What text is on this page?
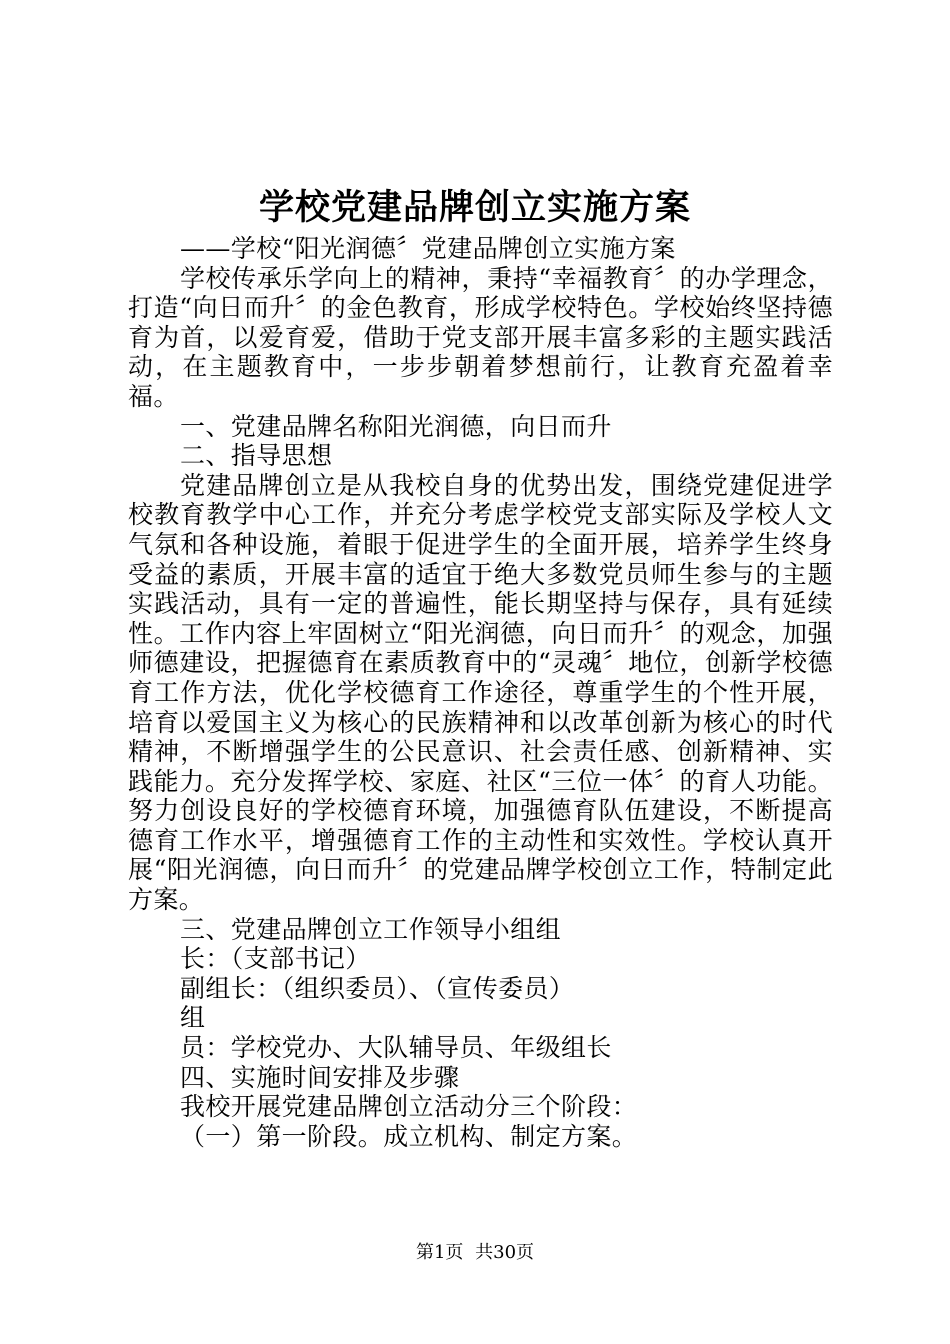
学校党建品牌创立实施方案

——学校“阳光润德〞党建品牌创立实施方案

学校传承乐学向上的精神，秉持“幸福教育〞的办学理念，打造“向日而升〞的金色教育，形成学校特色。学校始终坚持德育为首，以爱育爱，借助于党支部开展丰富多彩的主题实践活动，在主题教育中，一步步朝着梦想前行，让教育充盈着幸福。

一、党建品牌名称阳光润德，向日而升

二、指导思想

党建品牌创立是从我校自身的优势出发，围绕党建促进学校教育教学中心工作，并充分考虑学校党支部实际及学校人文气氛和各种设施，着眼于促进学生的全面开展，培养学生终身受益的素质，开展丰富的适宜于绝大多数党员师生参与的主题实践活动，具有一定的普遍性，能长期坚持与保存，具有延续性。工作内容上牢固树立“阳光润德，向日而升〞的观念，加强师德建设，把握德育在素质教育中的“灵魂〞地位，创新学校德育工作方法，优化学校德育工作途径，尊重学生的个性开展，培育以爱国主义为核心的民族精神和以改革创新为核心的时代精神，不断增强学生的公民意识、社会责任感、创新精神、实践能力。充分发挥学校、家庭、社区“三位一体〞的育人功能。努力创设良好的学校德育环境，加强德育队伍建设，不断提高德育工作水平，增强德育工作的主动性和实效性。学校认真开展“阳光润德，向日而升〞的党建品牌学校创立工作，特制定此方案。

三、党建品牌创立工作领导小组组

长：（支部书记）

副组长：（组织委员）、（宣传委员）

组

员：学校党办、大队辅导员、年级组长

四、实施时间安排及步骤

我校开展党建品牌创立活动分三个阶段：

（一）第一阶段。成立机构、制定方案。

第1页 共30页
